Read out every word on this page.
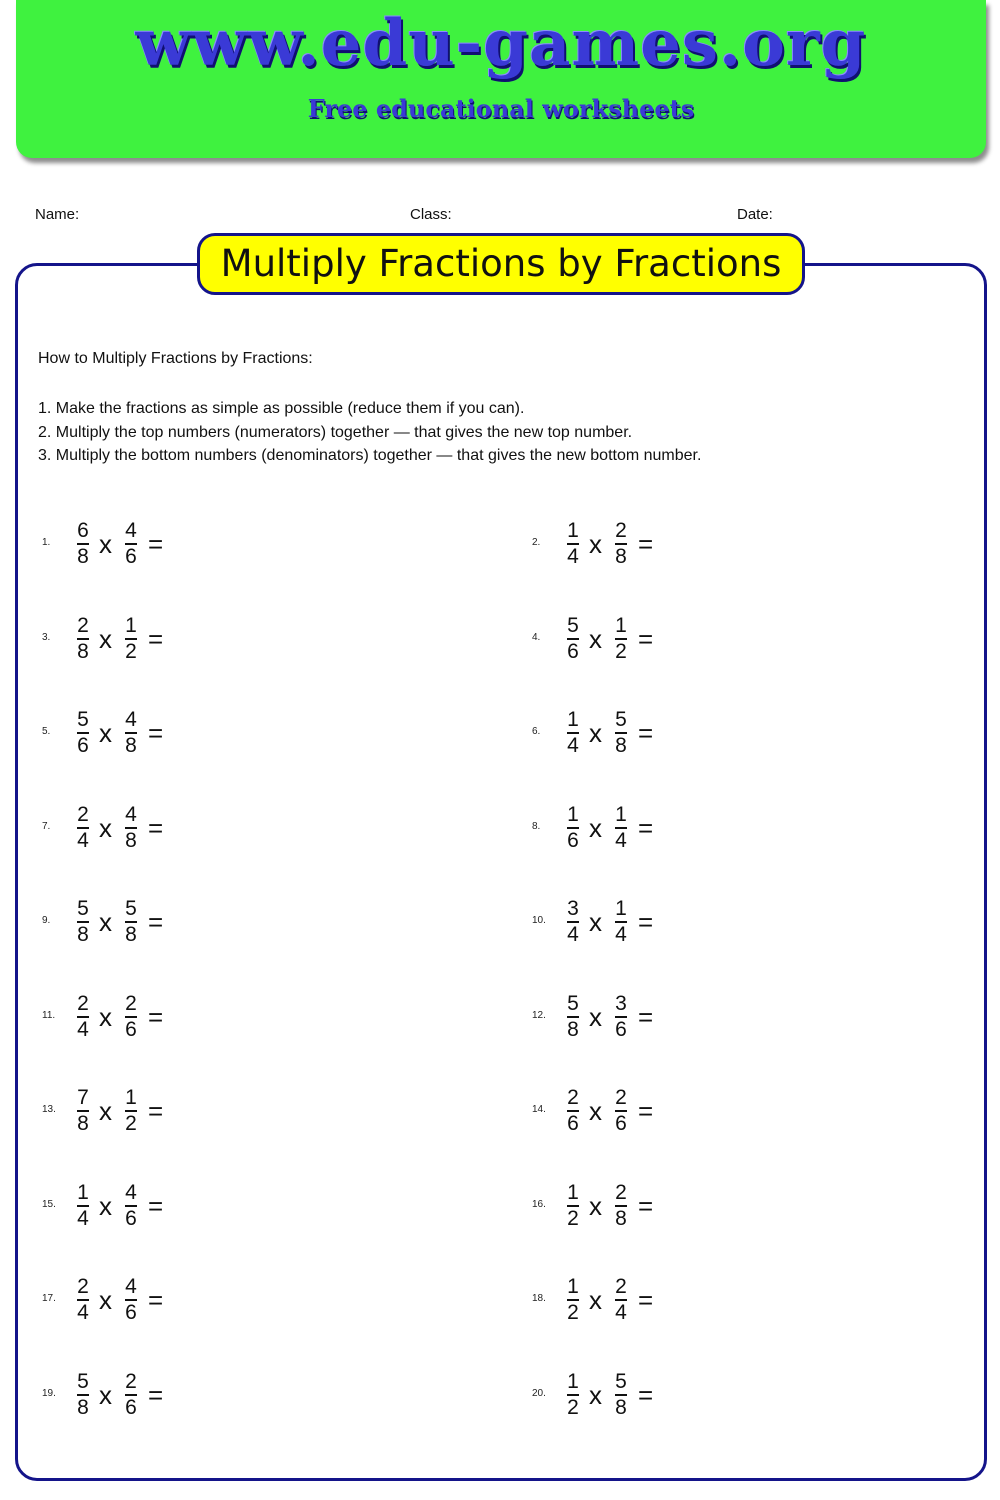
www.edu-games.org
Free educational worksheets
Name:	Class:	Date:
Multiply Fractions by Fractions
How to Multiply Fractions by Fractions:
1. Make the fractions as simple as possible (reduce them if you can).
2. Multiply the top numbers (numerators) together — that gives the new top number.
3. Multiply the bottom numbers (denominators) together — that gives the new bottom number.
1.
6
8 x 4
6 =	2.
1
4 x 2
8 =
3.
2
8 x 1
2 =	4.
5
6 x 1
2 =
5.
5
6 x 4
8 =	6.
1
4 x 5
8 =
7.
2
4 x 4
8 =	8.
1
6 x 1
4 =
9.
5
8 x 5
8 =	10.
3
4 x 1
4 =
11.
2
4 x 2
6 =	12.
5
8 x 3
6 =
13.
7
8 x 1
2 =	14.
2
6 x 2
6 =
15.
1
4 x 4
6 =	16.
1
2 x 2
8 =
17.
2
4 x 4
6 =	18.
1
2 x 2
4 =
19.
5
8 x 2
6 =	20.
1
2 x 5
8 =
